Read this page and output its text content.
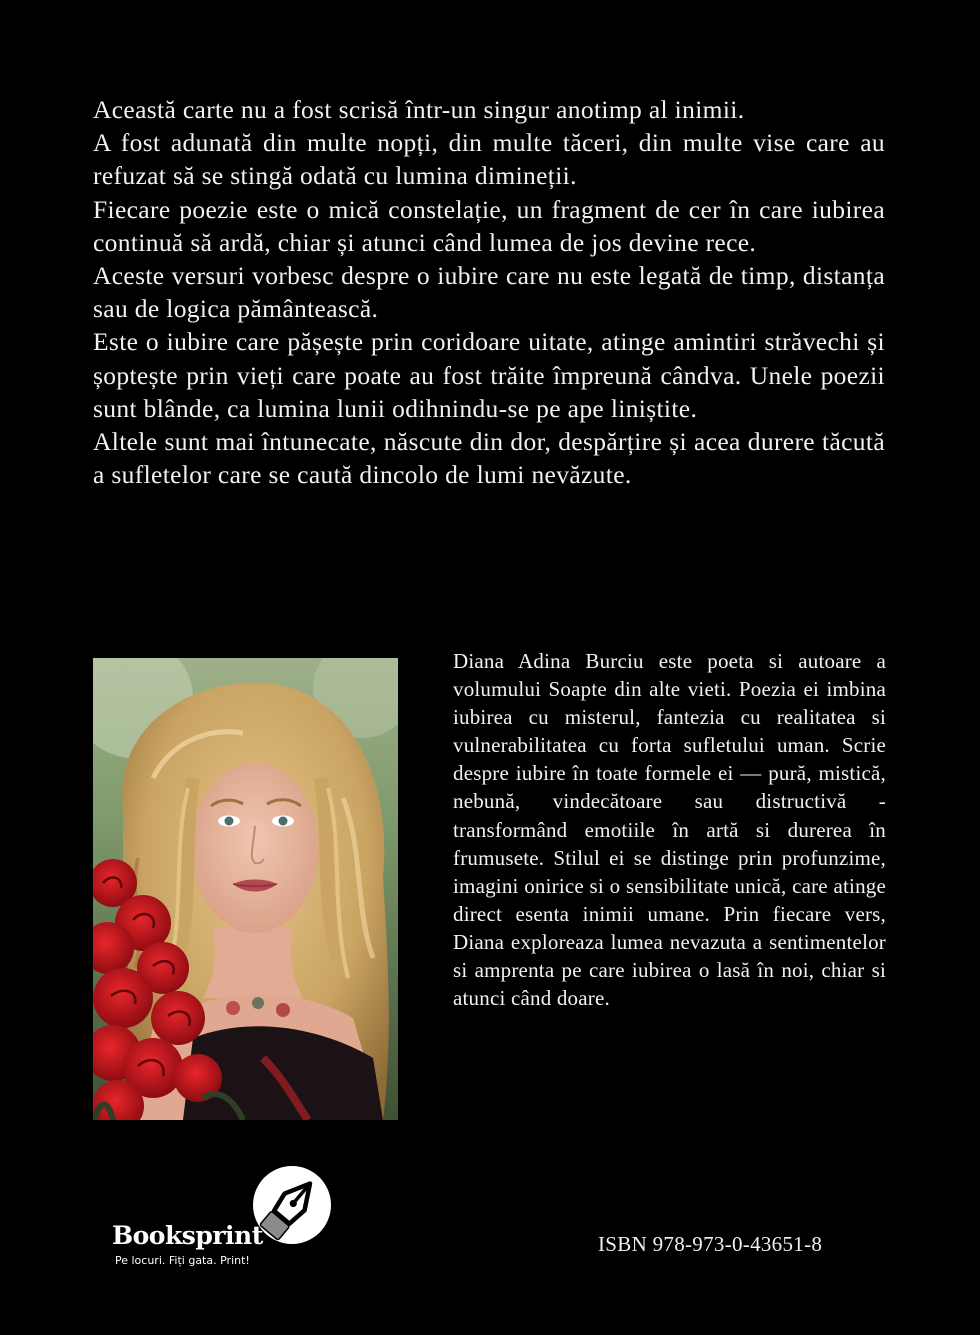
Această carte nu a fost scrisă într-un singur anotimp al inimii.

A fost adunată din multe nopți, din multe tăceri, din multe vise care au refuzat să se stingă odată cu lumina dimineții.

Fiecare poezie este o mică constelație, un fragment de cer în care iubirea continuă să ardă, chiar și atunci când lumea de jos devine rece.

Aceste versuri vorbesc despre o iubire care nu este legată de timp, distanța sau de logica pământească.

Este o iubire care pășește prin coridoare uitate, atinge amintiri străvechi și șoptește prin vieți care poate au fost trăite împreună cândva. Unele poezii sunt blânde, ca lumina lunii odihnindu-se pe ape liniștite.

Altele sunt mai întunecate, născute din dor, despărțire și acea durere tăcută a sufletelor care se caută dincolo de lumi nevăzute.

Diana Adina Burciu este poeta si autoare a volumului Soapte din alte vieti. Poezia ei imbina iubirea cu misterul, fantezia cu realitatea si vulnerabilitatea cu forta sufletului uman. Scrie despre iubire în toate formele ei — pură, mistică, nebună, vindecătoare sau distructivă - transformând emotiile în artă si durerea în frumusete. Stilul ei se distinge prin profunzime, imagini onirice si o sensibilitate unică, care atinge direct esenta inimii umane. Prin fiecare vers, Diana exploreaza lumea nevazuta a sentimentelor si amprenta pe care iubirea o lasă în noi, chiar si atunci când doare.

Booksprint
Pe locuri. Fiți gata. Print!
ISBN 978-973-0-43651-8
